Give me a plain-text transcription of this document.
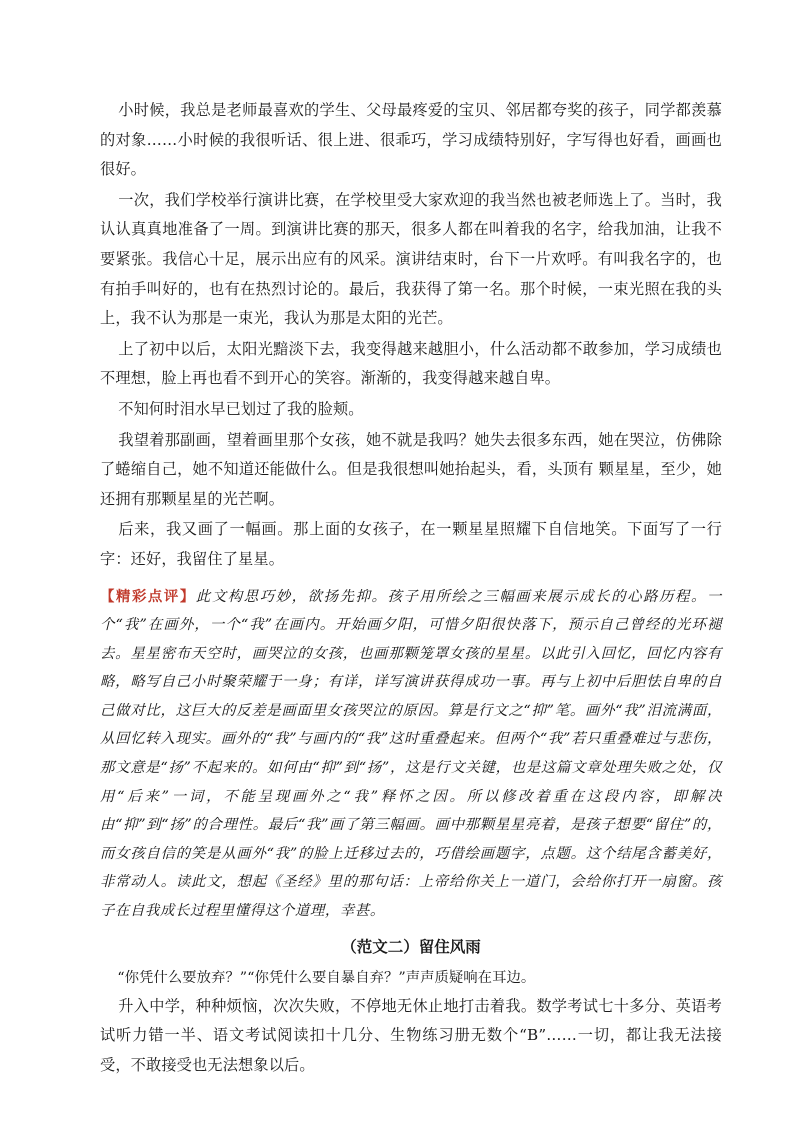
小时候，我总是老师最喜欢的学生、父母最疼爱的宝贝、邻居都夸奖的孩子，同学都羡慕的对象……小时候的我很听话、很上进、很乖巧，学习成绩特别好，字写得也好看，画画也很好。

一次，我们学校举行演讲比赛，在学校里受大家欢迎的我当然也被老师选上了。当时，我认认真真地准备了一周。到演讲比赛的那天，很多人都在叫着我的名字，给我加油，让我不要紧张。我信心十足，展示出应有的风采。演讲结束时，台下一片欢呼。有叫我名字的，也有拍手叫好的，也有在热烈讨论的。最后，我获得了第一名。那个时候，一束光照在我的头上，我不认为那是一束光，我认为那是太阳的光芒。

上了初中以后，太阳光黯淡下去，我变得越来越胆小，什么活动都不敢参加，学习成绩也不理想，脸上再也看不到开心的笑容。渐渐的，我变得越来越自卑。

不知何时泪水早已划过了我的脸颊。

我望着那副画，望着画里那个女孩，她不就是我吗？她失去很多东西，她在哭泣，仿佛除了蜷缩自己，她不知道还能做什么。但是我很想叫她抬起头，看，头顶有 颗星星，至少，她还拥有那颗星星的光芒啊。

后来，我又画了一幅画。那上面的女孩子，在一颗星星照耀下自信地笑。下面写了一行字：还好，我留住了星星。

【精彩点评】此文构思巧妙，欲扬先抑。孩子用所绘之三幅画来展示成长的心路历程。一个“我”在画外，一个“我”在画内。开始画夕阳，可惜夕阳很快落下，预示自己曾经的光环褪去。星星密布天空时，画哭泣的女孩，也画那颗笼罩女孩的星星。以此引入回忆，回忆内容有略，略写自己小时聚荣耀于一身；有详，详写演讲获得成功一事。再与上初中后胆怯自卑的自己做对比，这巨大的反差是画面里女孩哭泣的原因。算是行文之“抑”笔。画外“我”泪流满面，从回忆转入现实。画外的“我”与画内的“我”这时重叠起来。但两个“我”若只重叠难过与悲伤，那文意是“扬”不起来的。如何由“抑”到“扬”，这是行文关键，也是这篇文章处理失败之处，仅用“后来”一词，不能呈现画外之“我”释怀之因。所以修改着重在这段内容，即解决由“抑”到“扬”的合理性。最后“我”画了第三幅画。画中那颗星星亮着，是孩子想要“留住”的，而女孩自信的笑是从画外“我”的脸上迁移过去的，巧借绘画题字，点题。这个结尾含蓄美好，非常动人。读此文，想起《圣经》里的那句话：上帝给你关上一道门，会给你打开一扇窗。孩子在自我成长过程里懂得这个道理，幸甚。
（范文二）留住风雨

“你凭什么要放弃？”“你凭什么要自暴自弃？”声声质疑响在耳边。

升入中学，种种烦恼，次次失败，不停地无休止地打击着我。数学考试七十多分、英语考试听力错一半、语文考试阅读扣十几分、生物练习册无数个“B”……一切，都让我无法接受，不敢接受也无法想象以后。
